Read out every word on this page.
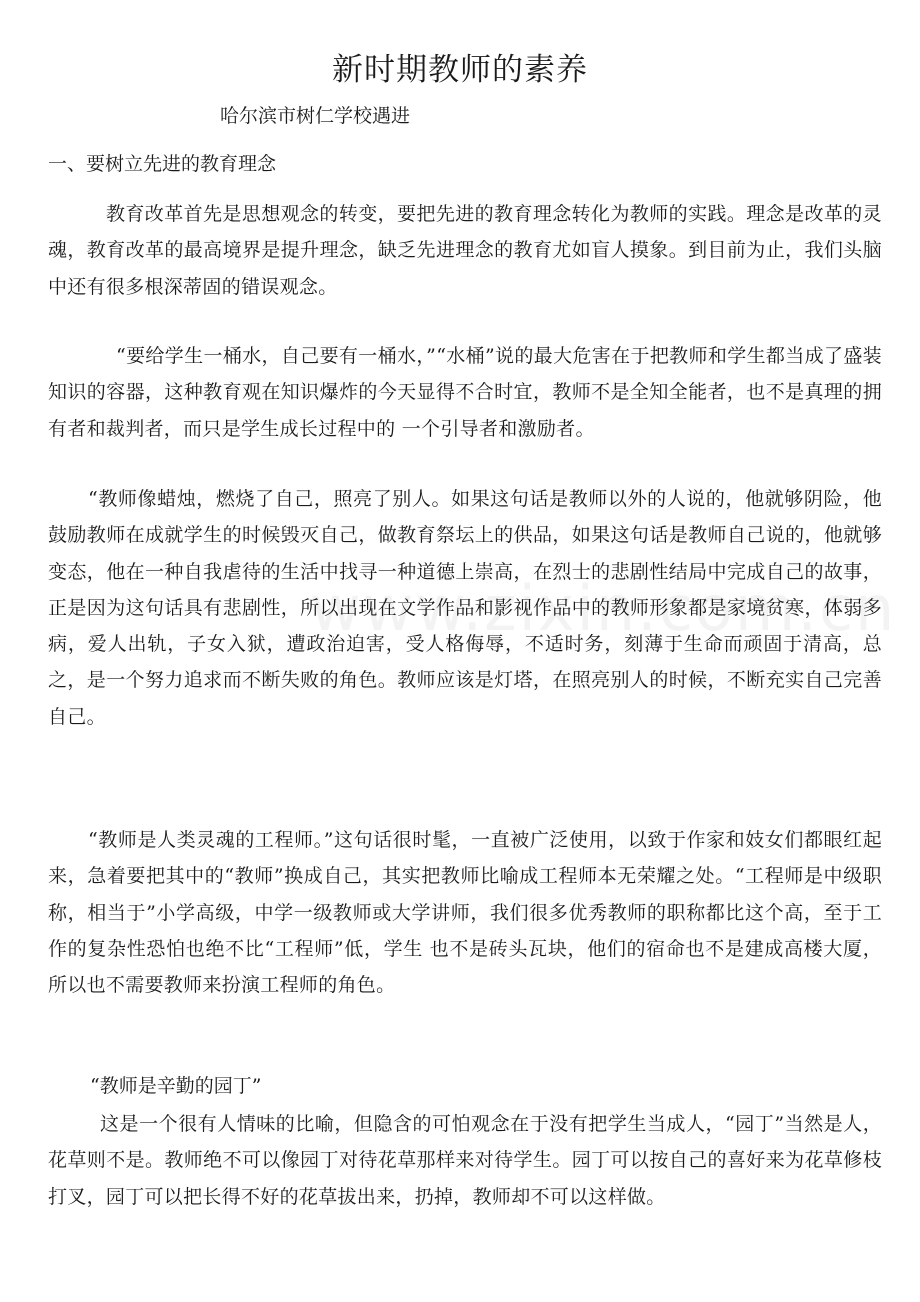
新时期教师的素养
哈尔滨市树仁学校遇进
一、要树立先进的教育理念

教育改革首先是思想观念的转变，要把先进的教育理念转化为教师的实践。理念是改革的灵魂，教育改革的最高境界是提升理念，缺乏先进理念的教育尤如盲人摸象。到目前为止，我们头脑中还有很多根深蒂固的错误观念。

“要给学生一桶水，自己要有一桶水，”“水桶”说的最大危害在于把教师和学生都当成了盛装知识的容器，这种教育观在知识爆炸的今天显得不合时宜，教师不是全知全能者，也不是真理的拥有者和裁判者，而只是学生成长过程中的 一个引导者和激励者。

“教师像蜡烛，燃烧了自己，照亮了别人。如果这句话是教师以外的人说的，他就够阴险，他鼓励教师在成就学生的时候毁灭自己，做教育祭坛上的供品，如果这句话是教师自己说的，他就够变态，他在一种自我虐待的生活中找寻一种道德上崇高，在烈士的悲剧性结局中完成自己的故事，正是因为这句话具有悲剧性，所以出现在文学作品和影视作品中的教师形象都是家境贫寒，体弱多病，爱人出轨，子女入狱，遭政治迫害，受人格侮辱，不适时务，刻薄于生命而顽固于清高，总之，是一个努力追求而不断失败的角色。教师应该是灯塔，在照亮别人的时候，不断充实自己完善自己。

“教师是人类灵魂的工程师。”这句话很时髦，一直被广泛使用，以致于作家和妓女们都眼红起来，急着要把其中的“教师”换成自己，其实把教师比喻成工程师本无荣耀之处。“工程师是中级职称，相当于”小学高级，中学一级教师或大学讲师，我们很多优秀教师的职称都比这个高，至于工作的复杂性恐怕也绝不比“工程师”低，学生 也不是砖头瓦块，他们的宿命也不是建成高楼大厦，所以也不需要教师来扮演工程师的角色。

“教师是辛勤的园丁”

这是一个很有人情味的比喻，但隐含的可怕观念在于没有把学生当成人，“园丁”当然是人，花草则不是。教师绝不可以像园丁对待花草那样来对待学生。园丁可以按自己的喜好来为花草修枝打叉，园丁可以把长得不好的花草拔出来，扔掉，教师却不可以这样做。
